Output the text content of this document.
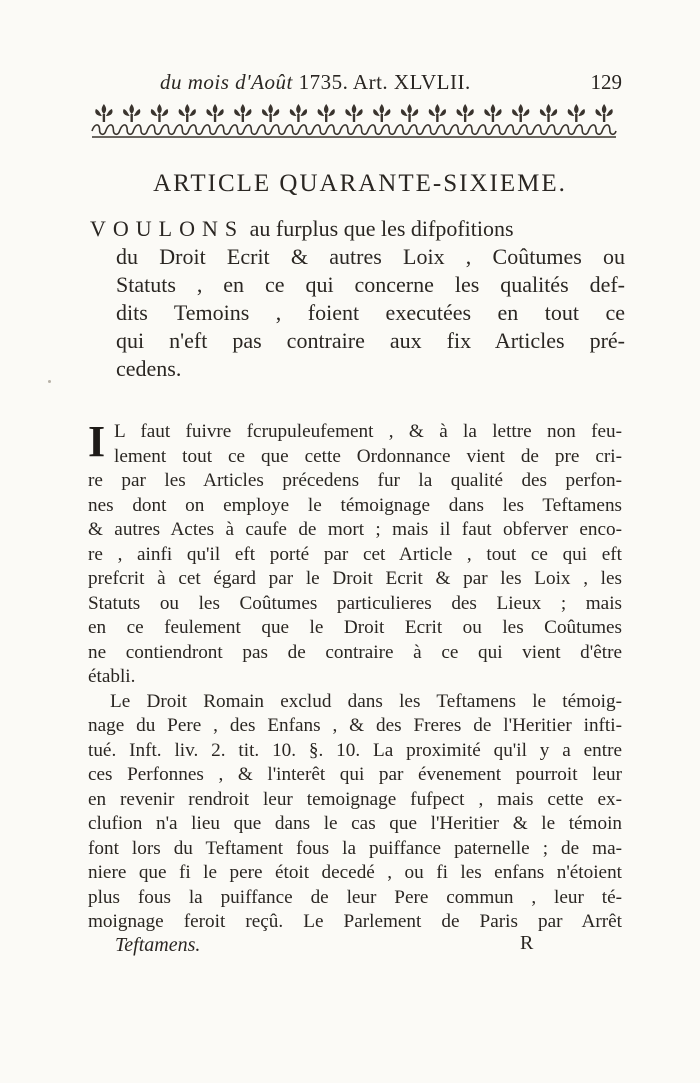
du mois d'Août 1735. Art. XLVLII.	129
ARTICLE QUARANTE-SIXIEME.
VOULONS au furplus que les difpofitions
du Droit Ecrit & autres Loix , Coûtumes ou
Statuts , en ce qui concerne les qualités def-
dits Temoins , foient executées en tout ce
qui n'eft pas contraire aux fix Articles pré-
cedens.
I L faut fuivre fcrupuleufement , & à la lettre non feu-
lement tout ce que cette Ordonnance vient de pre cri-
re par les Articles précedens fur la qualité des perfon-
nes dont on employe le témoignage dans les Teftamens
& autres Actes à caufe de mort ; mais il faut obferver enco-
re , ainfi qu'il eft porté par cet Article , tout ce qui eft
prefcrit à cet égard par le Droit Ecrit & par les Loix , les
Statuts ou les Coûtumes particulieres des Lieux ; mais
en ce feulement que le Droit Ecrit ou les Coûtumes
ne contiendront pas de contraire à ce qui vient d'être
établi.
Le Droit Romain exclud dans les Teftamens le témoig-
nage du Pere , des Enfans , & des Freres de l'Heritier infti-
tué. Inft. liv. 2. tit. 10. §. 10. La proximité qu'il y a entre
ces Perfonnes , & l'interêt qui par évenement pourroit leur
en revenir rendroit leur temoignage fufpect , mais cette ex-
clufion n'a lieu que dans le cas que l'Heritier & le témoin
font lors du Teftament fous la puiffance paternelle ; de ma-
niere que fi le pere étoit decedé , ou fi les enfans n'étoient
plus fous la puiffance de leur Pere commun , leur té-
moignage feroit reçû. Le Parlement de Paris par Arrêt
Teftamens.	R
